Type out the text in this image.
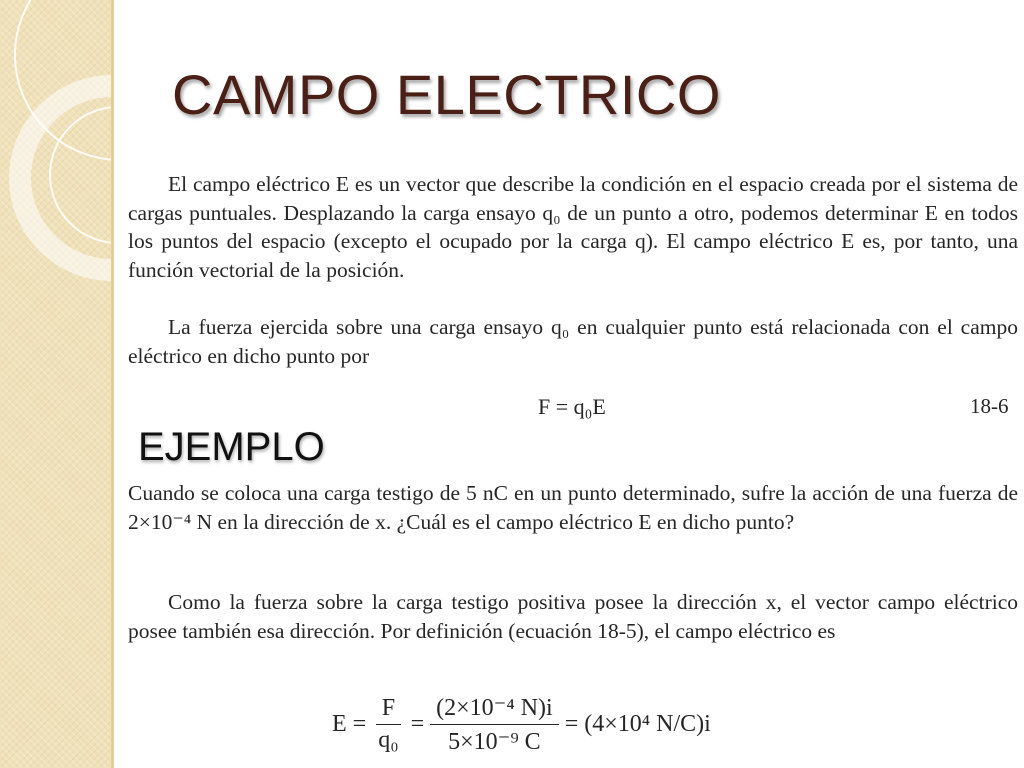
CAMPO ELECTRICO

El campo eléctrico E es un vector que describe la condición en el espacio creada por el sistema de cargas puntuales. Desplazando la carga ensayo q₀ de un punto a otro, podemos determinar E en todos los puntos del espacio (excepto el ocupado por la carga q). El campo eléctrico E es, por tanto, una función vectorial de la posición.

La fuerza ejercida sobre una carga ensayo q₀ en cualquier punto está relacionada con el campo eléctrico en dicho punto por

F = q₀E	18-6
EJEMPLO

Cuando se coloca una carga testigo de 5 nC en un punto determinado, sufre la acción de una fuerza de 2×10⁻⁴ N en la dirección de x. ¿Cuál es el campo eléctrico E en dicho punto?

Como la fuerza sobre la carga testigo positiva posee la dirección x, el vector campo eléctrico posee también esa dirección. Por definición (ecuación 18-5), el campo eléctrico es

$E = \frac{F}{\text{q₀}} = \frac{\text{(2×10⁻⁴ N)i}}{\text{5×10⁻⁹ C}} = (4\times 10^4$ N/C)i
